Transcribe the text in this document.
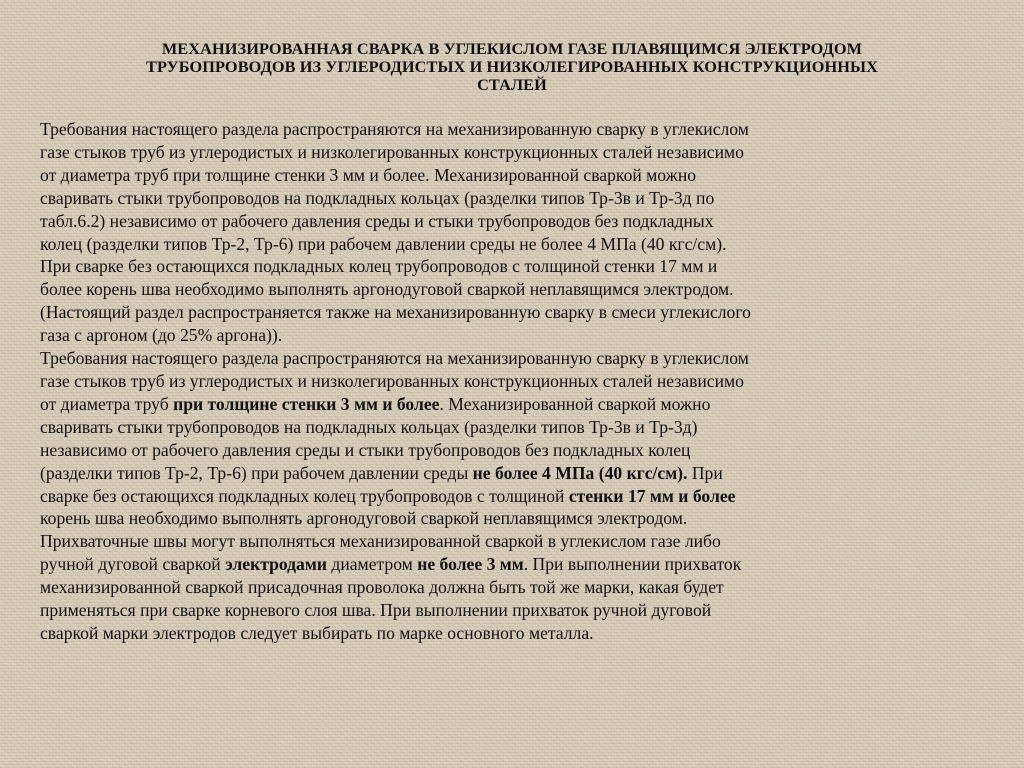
МЕХАНИЗИРОВАННАЯ СВАРКА В УГЛЕКИСЛОМ ГАЗЕ ПЛАВЯЩИМСЯ ЭЛЕКТРОДОМ
ТРУБОПРОВОДОВ ИЗ УГЛЕРОДИСТЫХ И НИЗКОЛЕГИРОВАННЫХ КОНСТРУКЦИОННЫХ
СТАЛЕЙ
Требования настоящего раздела распространяются на механизированную сварку в углекислом
газе стыков труб из углеродистых и низколегированных конструкционных сталей независимо
от диаметра труб при толщине стенки 3 мм и более. Механизированной сваркой можно
сваривать стыки трубопроводов на подкладных кольцах (разделки типов Тр-3в и Тр-3д по
табл.6.2) независимо от рабочего давления среды и стыки трубопроводов без подкладных
колец (разделки типов Тр-2, Тр-6) при рабочем давлении среды не более 4 МПа (40 кгс/см).
При сварке без остающихся подкладных колец трубопроводов с толщиной стенки 17 мм и
более корень шва необходимо выполнять аргонодуговой сваркой неплавящимся электродом.
(Настоящий раздел распространяется также на механизированную сварку в смеси углекислого
газа с аргоном (до 25% аргона)).
Требования настоящего раздела распространяются на механизированную сварку в углекислом
газе стыков труб из углеродистых и низколегированных конструкционных сталей независимо
от диаметра труб при толщине стенки 3 мм и более. Механизированной сваркой можно
сваривать стыки трубопроводов на подкладных кольцах (разделки типов Тр-3в и Тр-3д)
независимо от рабочего давления среды и стыки трубопроводов без подкладных колец
(разделки типов Тр-2, Тр-6) при рабочем давлении среды не более 4 МПа (40 кгс/см). При
сварке без остающихся подкладных колец трубопроводов с толщиной стенки 17 мм и более
корень шва необходимо выполнять аргонодуговой сваркой неплавящимся электродом.
Прихваточные швы могут выполняться механизированной сваркой в углекислом газе либо
ручной дуговой сваркой электродами диаметром не более 3 мм. При выполнении прихваток
механизированной сваркой присадочная проволока должна быть той же марки, какая будет
применяться при сварке корневого слоя шва. При выполнении прихваток ручной дуговой
сваркой марки электродов следует выбирать по марке основного металла.
